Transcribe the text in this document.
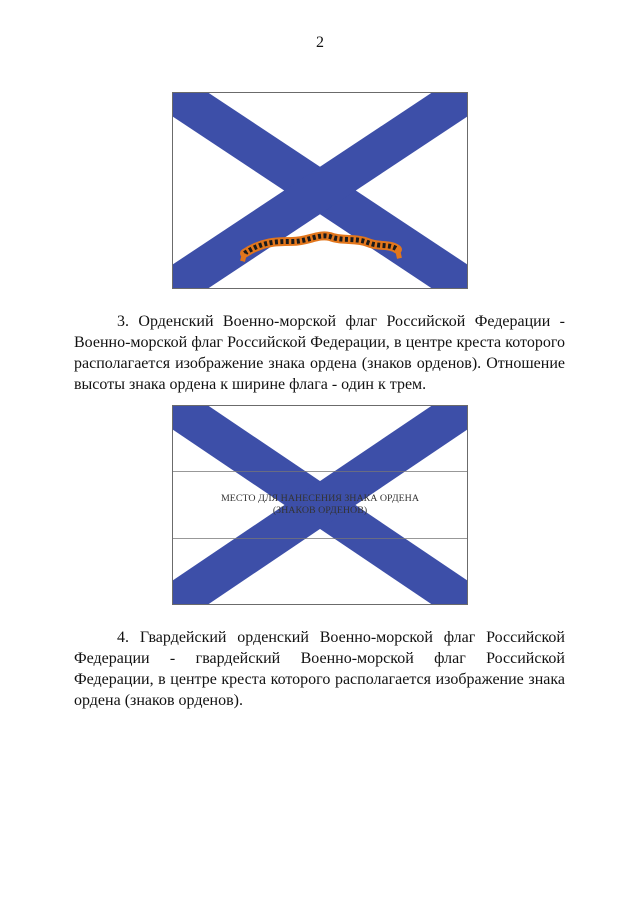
2

3. Орденский Военно-морской флаг Российской Федерации -
Военно-морской флаг Российской Федерации, в центре креста которого
располагается изображение знака ордена (знаков орденов). Отношение
высоты знака ордена к ширине флага - один к трем.

МЕСТО ДЛЯ НАНЕСЕНИЯ ЗНАКА ОРДЕНА
(ЗНАКОВ ОРДЕНОВ)

4. Гвардейский орденский Военно-морской флаг Российской
Федерации - гвардейский Военно-морской флаг Российской
Федерации, в центре креста которого располагается изображение знака
ордена (знаков орденов).
